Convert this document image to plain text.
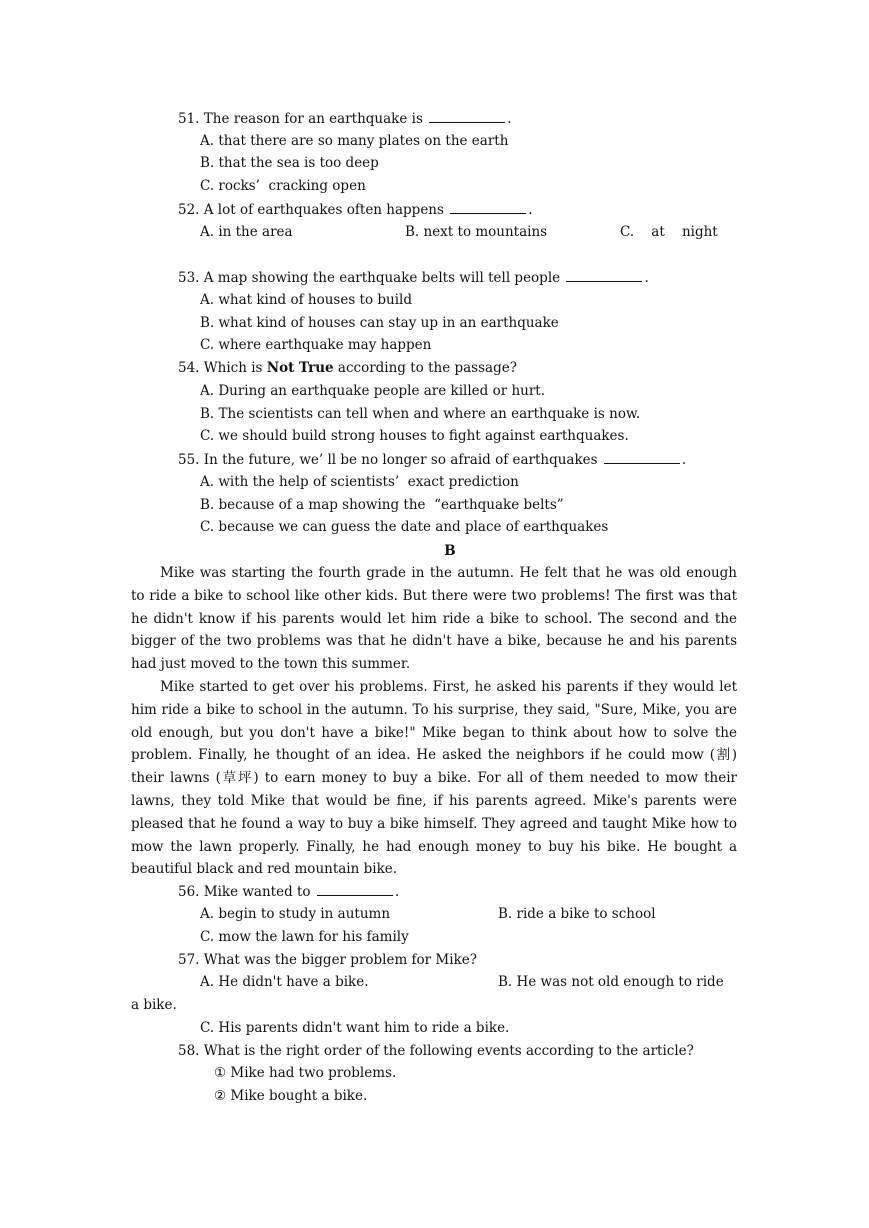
51. The reason for an earthquake is	.
A. that there are so many plates on the earth
B. that the sea is too deep
C. rocks’  cracking open
52. A lot of earthquakes often happens	.
A. in the area	B. next to mountains	C.    at    night
53. A map showing the earthquake belts will tell people	.
A. what kind of houses to build
B. what kind of houses can stay up in an earthquake
C. where earthquake may happen
54. Which is Not True according to the passage?
A. During an earthquake people are killed or hurt.
B. The scientists can tell when and where an earthquake is now.
C. we should build strong houses to fight against earthquakes.
55. In the future, we’ ll be no longer so afraid of earthquakes	.
A. with the help of scientists’  exact prediction
B. because of a map showing the  “earthquake belts”
C. because we can guess the date and place of earthquakes
B
Mike was starting the fourth grade in the autumn. He felt that he was old enough to ride a bike to school like other kids. But there were two problems! The first was that he didn't know if his parents would let him ride a bike to school. The second and the bigger of the two problems was that he didn't have a bike, because he and his parents had just moved to the town this summer.
Mike started to get over his problems. First, he asked his parents if they would let him ride a bike to school in the autumn. To his surprise, they said, "Sure, Mike, you are old enough, but you don't have a bike!" Mike began to think about how to solve the problem. Finally, he thought of an idea. He asked the neighbors if he could mow (割) their lawns (草坪) to earn money to buy a bike. For all of them needed to mow their lawns, they told Mike that would be fine, if his parents agreed. Mike's parents were pleased that he found a way to buy a bike himself. They agreed and taught Mike how to mow the lawn properly. Finally, he had enough money to buy his bike. He bought a beautiful black and red mountain bike.
56. Mike wanted to	.
A. begin to study in autumn	B. ride a bike to school
C. mow the lawn for his family
57. What was the bigger problem for Mike?
A. He didn't have a bike.	B. He was not old enough to ride
a bike.
C. His parents didn't want him to ride a bike.
58. What is the right order of the following events according to the article?
① Mike had two problems.
② Mike bought a bike.
